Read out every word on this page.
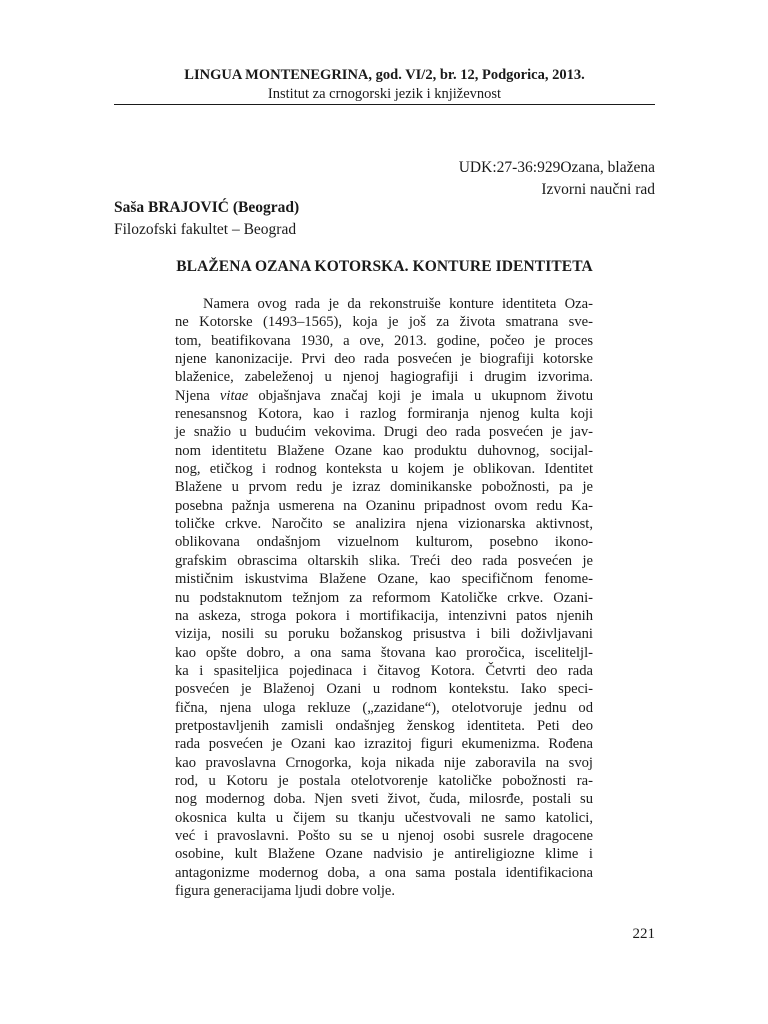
LINGUA MONTENEGRINA, god. VI/2, br. 12, Podgorica, 2013.
Institut za crnogorski jezik i književnost
UDK:27-36:929Ozana, blažena
Izvorni naučni rad
Saša BRAJOVIĆ (Beograd)
Filozofski fakultet – Beograd
BLAŽENA OZANA KOTORSKA. KONTURE IDENTITETA
Namera ovog rada je da rekonstruiše konture identiteta Oza-
ne Kotorske (1493–1565), koja je još za života smatrana sve-
tom, beatifikovana 1930, a ove, 2013. godine, počeo je proces
njene kanonizacije. Prvi deo rada posvećen je biografiji kotorske
blaženice, zabeleženoj u njenoj hagiografiji i drugim izvorima.
Njena vitae objašnjava značaj koji je imala u ukupnom životu
renesansnog Kotora, kao i razlog formiranja njenog kulta koji
je snažio u budućim vekovima. Drugi deo rada posvećen je jav-
nom identitetu Blažene Ozane kao produktu duhovnog, socijal-
nog, etičkog i rodnog konteksta u kojem je oblikovan. Identitet
Blažene u prvom redu je izraz dominikanske pobožnosti, pa je
posebna pažnja usmerena na Ozaninu pripadnost ovom redu Ka-
toličke crkve. Naročito se analizira njena vizionarska aktivnost,
oblikovana ondašnjom vizuelnom kulturom, posebno ikono-
grafskim obrascima oltarskih slika. Treći deo rada posvećen je
mističnim iskustvima Blažene Ozane, kao specifičnom fenome-
nu podstaknutom težnjom za reformom Katoličke crkve. Ozani-
na askeza, stroga pokora i mortifikacija, intenzivni patos njenih
vizija, nosili su poruku božanskog prisustva i bili doživljavani
kao opšte dobro, a ona sama štovana kao proročica, isceliteljl-
ka i spasiteljica pojedinaca i čitavog Kotora. Četvrti deo rada
posvećen je Blaženoj Ozani u rodnom kontekstu. Iako speci-
fična, njena uloga rekluze („zazidane“), otelotvoruje jednu od
pretpostavljenih zamisli ondašnjeg ženskog identiteta. Peti deo
rada posvećen je Ozani kao izrazitoj figuri ekumenizma. Rođena
kao pravoslavna Crnogorka, koja nikada nije zaboravila na svoj
rod, u Kotoru je postala otelotvorenje katoličke pobožnosti ra-
nog modernog doba. Njen sveti život, čuda, milosrđe, postali su
okosnica kulta u čijem su tkanju učestvovali ne samo katolici,
već i pravoslavni. Pošto su se u njenoj osobi susrele dragocene
osobine, kult Blažene Ozane nadvisio je antireligiozne klime i
antagonizme modernog doba, a ona sama postala identifikaciona
figura generacijama ljudi dobre volje.
221
